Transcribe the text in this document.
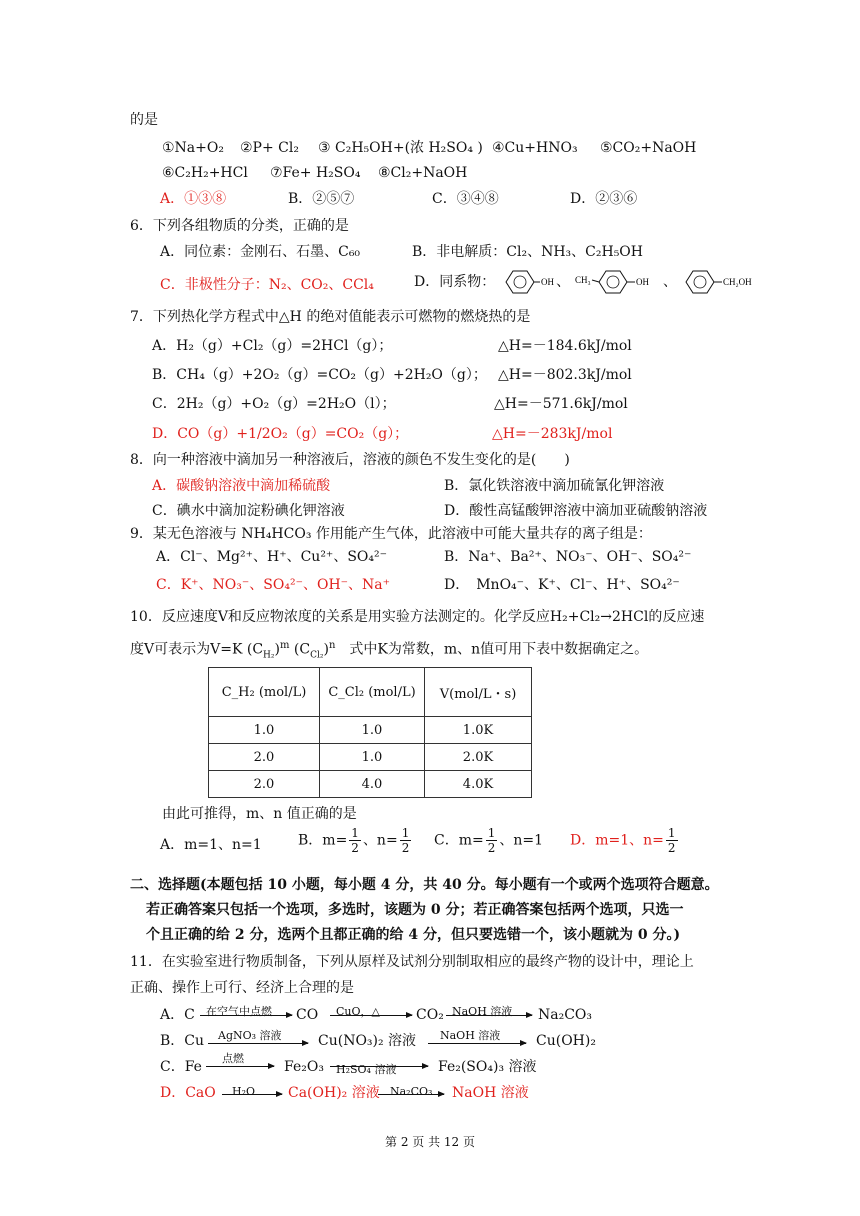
的是
①Na+O₂ ②P+ Cl₂ ③ C₂H₅OH+(浓 H₂SO₄ ) ④Cu+HNO₃ ⑤CO₂+NaOH
⑥C₂H₂+HCl ⑦Fe+ H₂SO₄ ⑧Cl₂+NaOH
A．①③⑧	B．②⑤⑦	C．③④⑧	D．②③⑥
6．下列各组物质的分类，正确的是
A．同位素：金刚石、石墨、C₆₀	B．非电解质：Cl₂、NH₃、C₂H₅OH
C．非极性分子：N₂、CO₂、CCl₄	D．同系物：	OH 、 CH₃	OH 、	CH₂OH
7．下列热化学方程式中△H 的绝对值能表示可燃物的燃烧热的是
A．H₂（g）+Cl₂（g）=2HCl（g）；	△H=－184.6kJ/mol
B．CH₄（g）+2O₂（g）=CO₂（g）+2H₂O（g）； △H=－802.3kJ/mol
C．2H₂（g）+O₂（g）=2H₂O（l）；	△H=－571.6kJ/mol
D．CO（g）+1/2O₂（g）=CO₂（g）；	△H=－283kJ/mol
8．向一种溶液中滴加另一种溶液后，溶液的颜色不发生变化的是(　　)
A．碳酸钠溶液中滴加稀硫酸	B．氯化铁溶液中滴加硫氰化钾溶液
C．碘水中滴加淀粉碘化钾溶液	D．酸性高锰酸钾溶液中滴加亚硫酸钠溶液
9．某无色溶液与 NH₄HCO₃ 作用能产生气体，此溶液中可能大量共存的离子组是：
A．Cl⁻、Mg²⁺、H⁺、Cu²⁺、SO₄²⁻	B．Na⁺、Ba²⁺、NO₃⁻、OH⁻、SO₄²⁻
C．K⁺、NO₃⁻、SO₄²⁻、OH⁻、Na⁺	D．　MnO₄⁻、K⁺、Cl⁻、H⁺、SO₄²⁻
10．反应速度V和反应物浓度的关系是用实验方法测定的。化学反应H₂+Cl₂→2HCl的反应速
度V可表示为V=K $(C_{H_2})^m$ $(C_{Cl_2})^n$　式中K为常数，m、n值可用下表中数据确定之。
C_H₂ (mol/L)	C_Cl₂ (mol/L)	V(mol/L・s)
1.0	1.0	1.0K
2.0	1.0	2.0K
2.0	4.0	4.0K
由此可推得，m、n 值正确的是
A．m=1、n=1	B．$m= \frac{1}{2}$ 、$n= \frac{1}{2}$ C．$m= \frac{1}{2}$ 、n=1 D．m=1、$n= \frac{1}{2}$
二、选择题(本题包括 10 小题，每小题 4 分，共 40 分。每小题有一个或两个选项符合题意。
若正确答案只包括一个选项，多选时，该题为 0 分；若正确答案包括两个选项，只选一
个且正确的给 2 分，选两个且都正确的给 4 分，但只要选错一个，该小题就为 0 分。)
11．在实验室进行物质制备，下列从原样及试剂分别制取相应的最终产物的设计中，理论上
正确、操作上可行、经济上合理的是
A．C 在空气中点燃 CO CuO，△	CO₂ NaOH 溶液 Na₂CO₃
B．Cu AgNO₃ 溶液	Cu(NO₃)₂ 溶液 NaOH 溶液	Cu(OH)₂
C．Fe
点燃
Fe₂O₃ H₂SO₄ 溶液	Fe₂(SO₄)₃ 溶液
D．CaO H₂O Ca(OH)₂ 溶液 Na₂CO₃ NaOH 溶液
第 2 页 共 12 页
